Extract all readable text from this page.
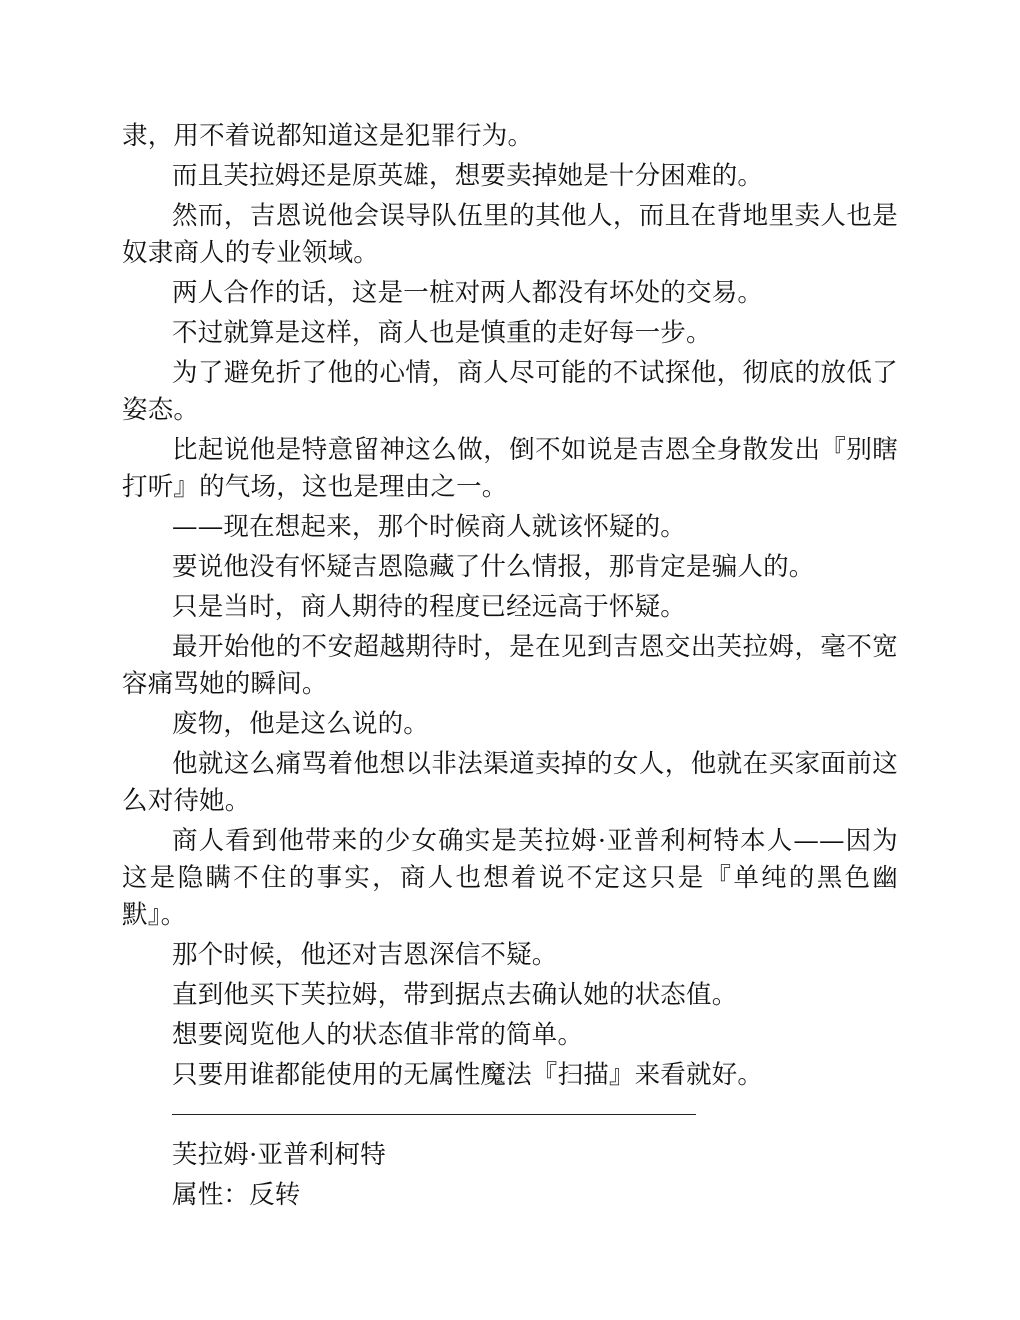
隶，用不着说都知道这是犯罪行为。

而且芙拉姆还是原英雄，想要卖掉她是十分困难的。

然而，吉恩说他会误导队伍里的其他人，而且在背地里卖人也是奴隶商人的专业领域。

两人合作的话，这是一桩对两人都没有坏处的交易。

不过就算是这样，商人也是慎重的走好每一步。

为了避免折了他的心情，商人尽可能的不试探他，彻底的放低了姿态。

比起说他是特意留神这么做，倒不如说是吉恩全身散发出『别瞎打听』的气场，这也是理由之一。

——现在想起来，那个时候商人就该怀疑的。

要说他没有怀疑吉恩隐藏了什么情报，那肯定是骗人的。

只是当时，商人期待的程度已经远高于怀疑。

最开始他的不安超越期待时，是在见到吉恩交出芙拉姆，毫不宽容痛骂她的瞬间。

废物，他是这么说的。

他就这么痛骂着他想以非法渠道卖掉的女人，他就在买家面前这么对待她。

商人看到他带来的少女确实是芙拉姆·亚普利柯特本人——因为这是隐瞒不住的事实，商人也想着说不定这只是『单纯的黑色幽默』。

那个时候，他还对吉恩深信不疑。

直到他买下芙拉姆，带到据点去确认她的状态值。

想要阅览他人的状态值非常的简单。

只要用谁都能使用的无属性魔法『扫描』来看就好。

芙拉姆·亚普利柯特

属性：反转
